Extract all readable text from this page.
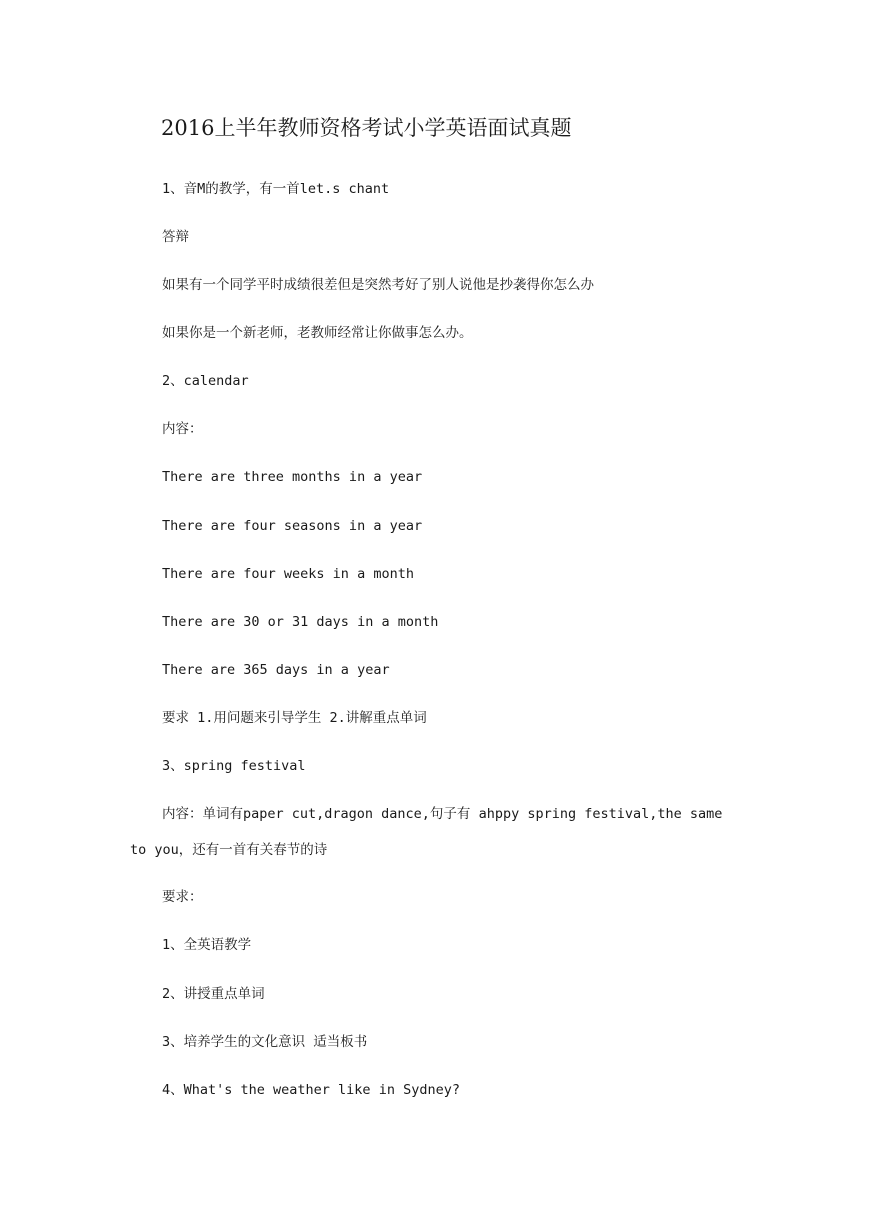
2016上半年教师资格考试小学英语面试真题
1、音M的教学，有一首let.s chant
答辩
如果有一个同学平时成绩很差但是突然考好了别人说他是抄袭得你怎么办
如果你是一个新老师，老教师经常让你做事怎么办。
2、calendar
内容：
There are three months in a year
There are four seasons in a year
There are four weeks in a month
There are 30 or 31 days in a month
There are 365 days in a year
要求 1.用问题来引导学生 2.讲解重点单词
3、spring festival
内容：单词有paper cut,dragon dance,句子有 ahppy spring festival,the same to you，还有一首有关春节的诗
要求：
1、全英语教学
2、讲授重点单词
3、培养学生的文化意识 适当板书
4、What's the weather like in Sydney?
